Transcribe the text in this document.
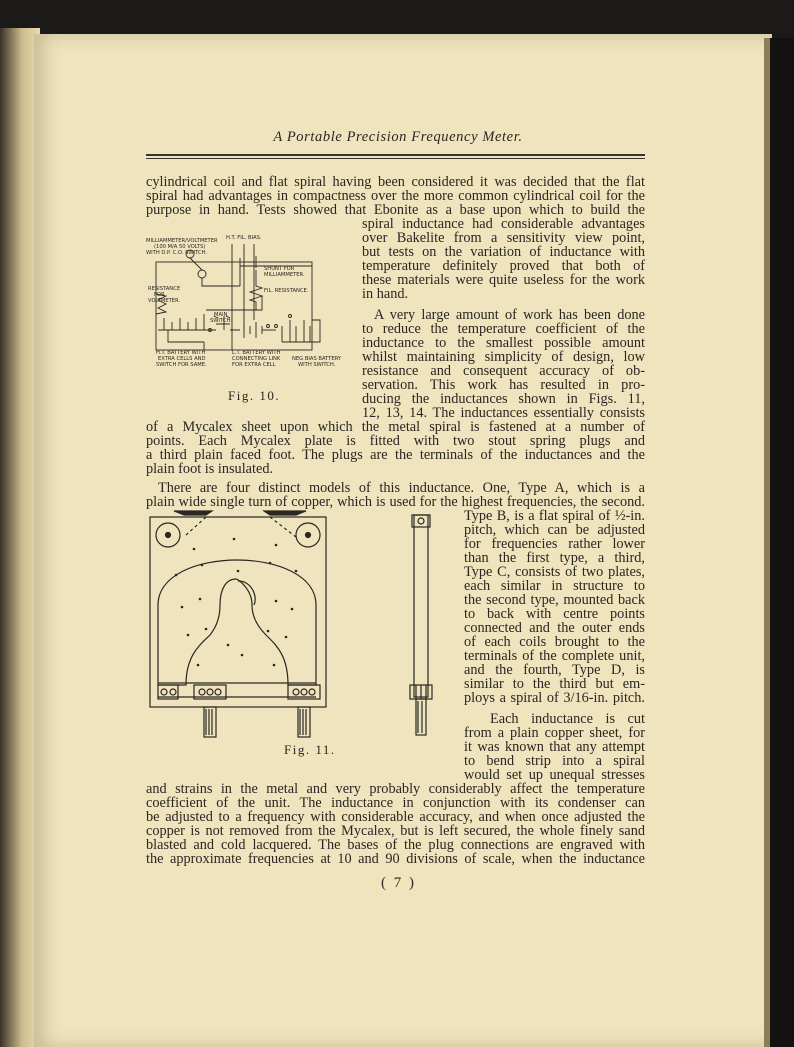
A Portable Precision Frequency Meter.
cylindrical coil and flat spiral having been considered it was decided that the flat
spiral had advantages in compactness over the more common cylindrical coil for the
purpose in hand. Tests showed that Ebonite as a base upon which to build the
spiral inductance had considerable advantages
over Bakelite from a sensitivity view point,
but tests on the variation of inductance with
temperature definitely proved that both of
these materials were quite useless for the work
in hand.
A very large amount of work has been done
to reduce the temperature coefficient of the
inductance to the smallest possible amount
whilst maintaining simplicity of design, low
resistance and consequent accuracy of ob-
servation. This work has resulted in pro-
ducing the inductances shown in Figs. 11,
12, 13, 14. The inductances essentially consists
of a Mycalex sheet upon which the metal spiral is fastened at a number of
points. Each Mycalex plate is fitted with two stout spring plugs and
a third plain faced foot. The plugs are the terminals of the inductances and the
plain foot is insulated.
There are four distinct models of this inductance. One, Type A, which is a
plain wide single turn of copper, which is used for the highest frequencies, the second.
Type B, is a flat spiral of ½-in.
pitch, which can be adjusted
for frequencies rather lower
than the first type, a third,
Type C, consists of two plates,
each similar in structure to
the second type, mounted back
to back with centre points
connected and the outer ends
of each coils brought to the
terminals of the complete unit,
and the fourth, Type D, is
similar to the third but em-
ploys a spiral of 3/16-in. pitch.
Each inductance is cut
from a plain copper sheet, for
it was known that any attempt
to bend strip into a spiral
would set up unequal stresses
and strains in the metal and very probably considerably affect the temperature
coefficient of the unit. The inductance in conjunction with its condenser can
be adjusted to a frequency with considerable accuracy, and when once adjusted the
copper is not removed from the Mycalex, but is left secured, the whole finely sand
blasted and cold lacquered. The bases of the plug connections are engraved with
the approximate frequencies at 10 and 90 divisions of scale, when the inductance
MILLIAMMETER/VOLTMETER
(100 M/A 50 VOLTS)
WITH D.P. C.O. SWITCH.
H.T. FIL. BIAS.
SHUNT FOR
MILLIAMMETER.
FIL. RESISTANCE.
RESISTANCE
FOR
VOLTMETER.
MAIN
SWITCH.
H.T. BATTERY WITH
EXTRA CELLS AND
SWITCH FOR SAME.
L.T. BATTERY WITH
CONNECTING LINK
FOR EXTRA CELL
NEG BIAS BATTERY
WITH SWITCH.
Fig. 10.
Fig. 11.
( 7 )
